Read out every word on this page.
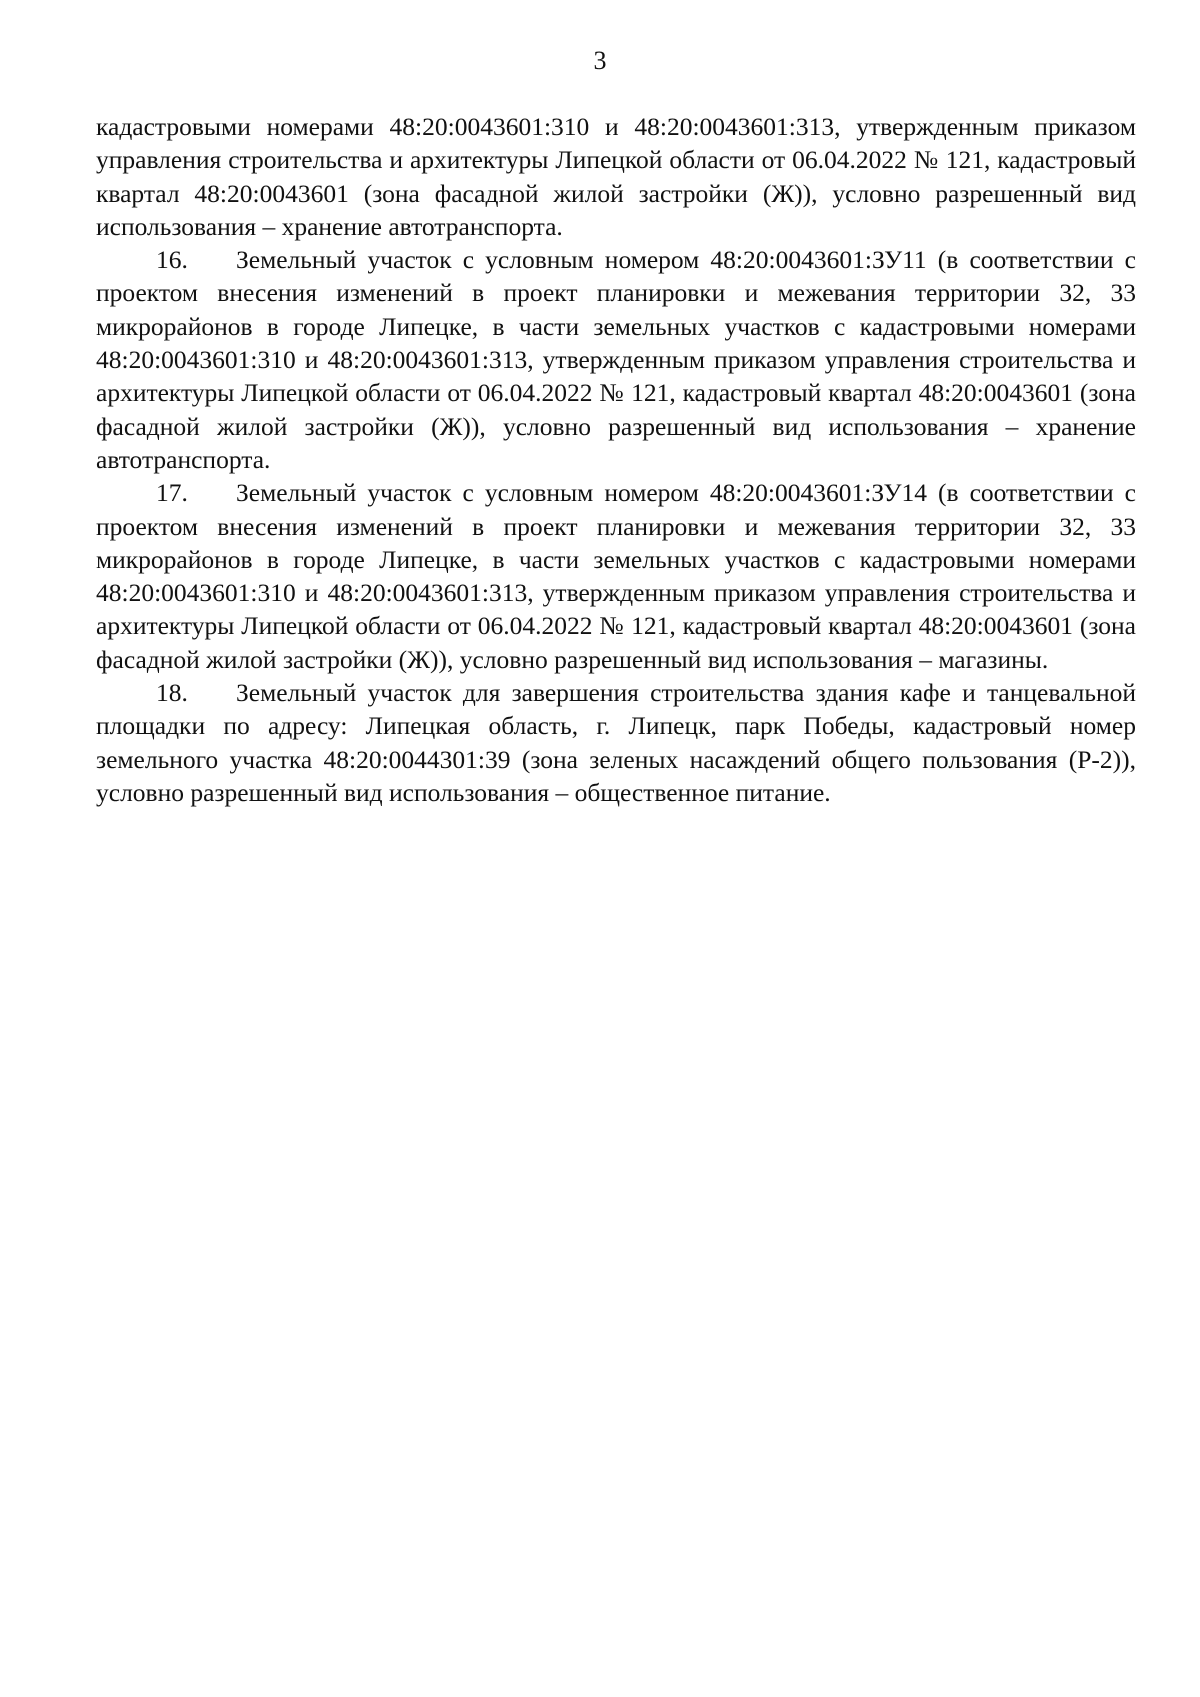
3

кадастровыми номерами 48:20:0043601:310 и 48:20:0043601:313, утвержденным приказом управления строительства и архитектуры Липецкой области от 06.04.2022 № 121, кадастровый квартал 48:20:0043601 (зона фасадной жилой застройки (Ж)), условно разрешенный вид использования – хранение автотранспорта.

16. Земельный участок с условным номером 48:20:0043601:ЗУ11 (в соответствии с проектом внесения изменений в проект планировки и межевания территории 32, 33 микрорайонов в городе Липецке, в части земельных участков с кадастровыми номерами 48:20:0043601:310 и 48:20:0043601:313, утвержденным приказом управления строительства и архитектуры Липецкой области от 06.04.2022 № 121, кадастровый квартал 48:20:0043601 (зона фасадной жилой застройки (Ж)), условно разрешенный вид использования – хранение автотранспорта.

17. Земельный участок с условным номером 48:20:0043601:ЗУ14 (в соответствии с проектом внесения изменений в проект планировки и межевания территории 32, 33 микрорайонов в городе Липецке, в части земельных участков с кадастровыми номерами 48:20:0043601:310 и 48:20:0043601:313, утвержденным приказом управления строительства и архитектуры Липецкой области от 06.04.2022 № 121, кадастровый квартал 48:20:0043601 (зона фасадной жилой застройки (Ж)), условно разрешенный вид использования – магазины.

18. Земельный участок для завершения строительства здания кафе и танцевальной площадки по адресу: Липецкая область, г. Липецк, парк Победы, кадастровый номер земельного участка 48:20:0044301:39 (зона зеленых насаждений общего пользования (Р-2)), условно разрешенный вид использования – общественное питание.
